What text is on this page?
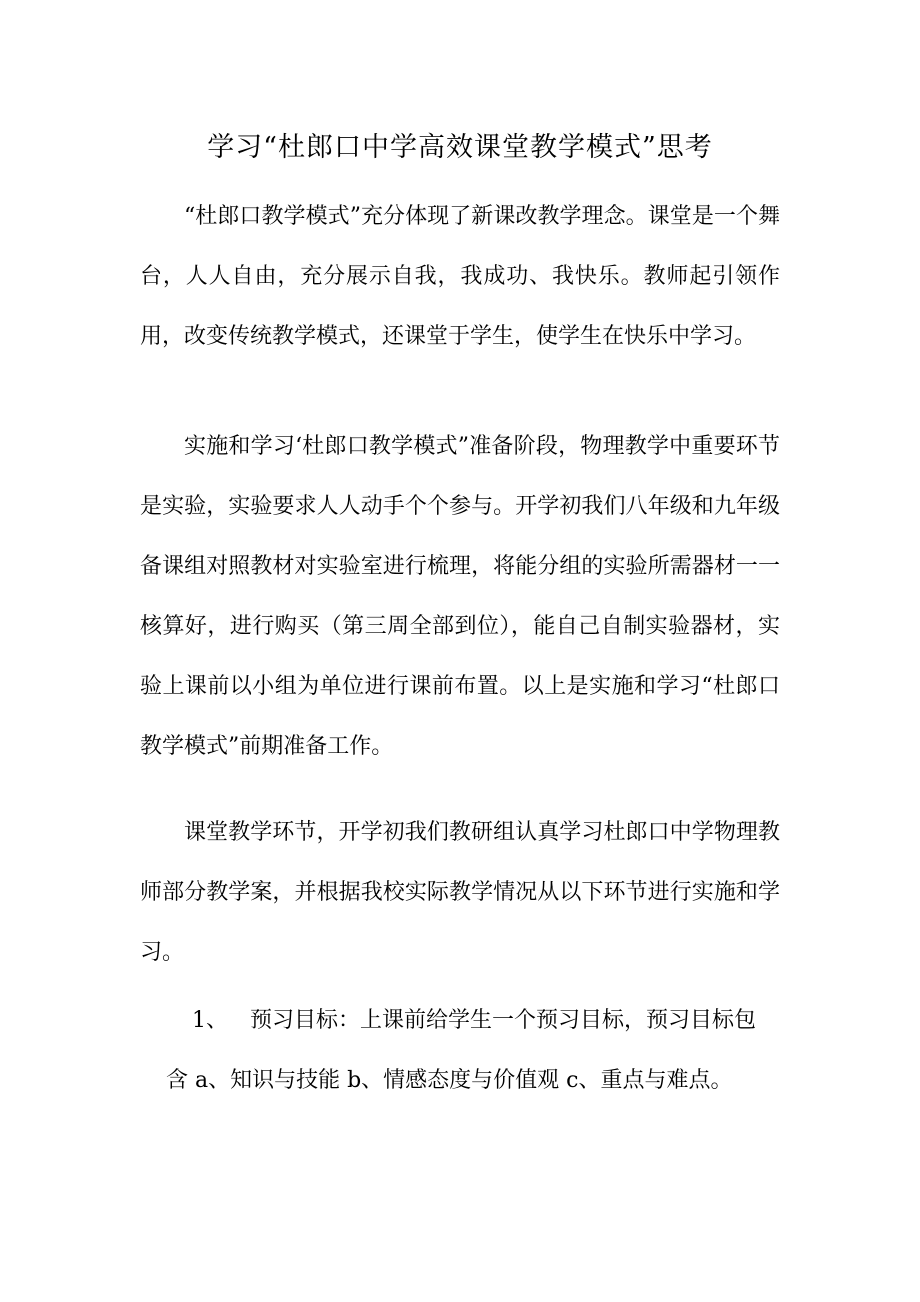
学习“杜郎口中学高效课堂教学模式”思考

“杜郎口教学模式”充分体现了新课改教学理念。课堂是一个舞台，人人自由，充分展示自我，我成功、我快乐。教师起引领作用，改变传统教学模式，还课堂于学生，使学生在快乐中学习。

实施和学习‘杜郎口教学模式”准备阶段，物理教学中重要环节是实验，实验要求人人动手个个参与。开学初我们八年级和九年级备课组对照教材对实验室进行梳理，将能分组的实验所需器材一一核算好，进行购买（第三周全部到位），能自己自制实验器材，实验上课前以小组为单位进行课前布置。以上是实施和学习“杜郎口教学模式”前期准备工作。

课堂教学环节，开学初我们教研组认真学习杜郎口中学物理教师部分教学案，并根据我校实际教学情况从以下环节进行实施和学习。

1、 预习目标：上课前给学生一个预习目标，预习目标包
含 a、知识与技能 b、情感态度与价值观 c、重点与难点。
